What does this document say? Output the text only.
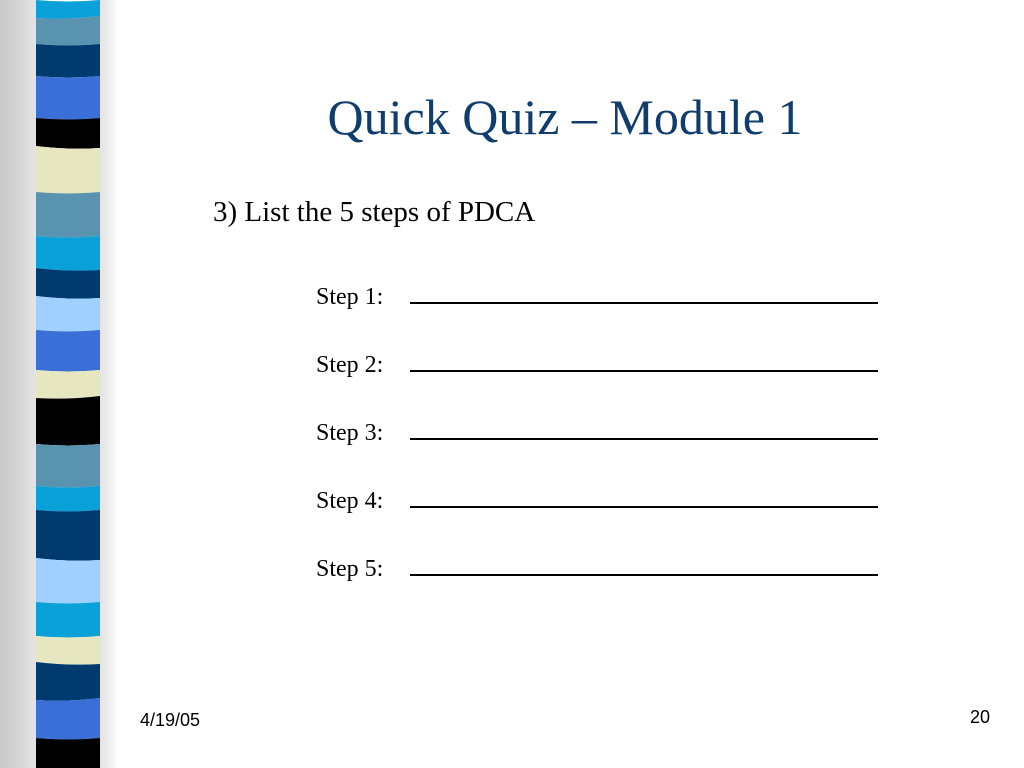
Quick Quiz – Module 1
3) List the 5 steps of PDCA
Step 1:
Step 2:
Step 3:
Step 4:
Step 5:
4/19/05	20
